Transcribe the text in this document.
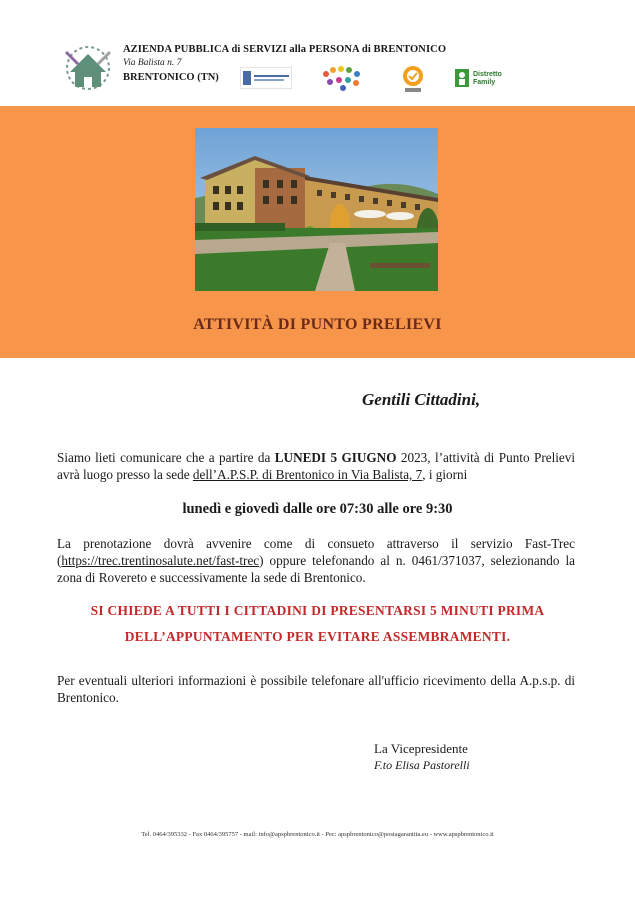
AZIENDA PUBBLICA di SERVIZI alla PERSONA di BRENTONICO
Via Balista n. 7
BRENTONICO (TN)	Distretto Family
ATTIVITÀ DI PUNTO PRELIEVI
Gentili Cittadini,
Siamo lieti comunicare che a partire da LUNEDI 5 GIUGNO 2023, l’attività di Punto Prelievi avrà luogo presso la sede dell’A.P.S.P. di Brentonico in Via Balista, 7, i giorni
lunedì e giovedì dalle ore 07:30 alle ore 9:30
La prenotazione dovrà avvenire come di consueto attraverso il servizio Fast-Trec (https://trec.trentinosalute.net/fast-trec) oppure telefonando al n. 0461/371037, selezionando la zona di Rovereto e successivamente la sede di Brentonico.
SI CHIEDE A TUTTI I CITTADINI DI PRESENTARSI 5 MINUTI PRIMA
DELL’APPUNTAMENTO PER EVITARE ASSEMBRAMENTI.
Per eventuali ulteriori informazioni è possibile telefonare all'ufficio ricevimento della A.p.s.p. di Brentonico.
La Vicepresidente
F.to Elisa Pastorelli
Tel. 0464/395332 - Fax 0464/395757 - mail: info@apspbrentonico.it - Pec: apspbrentonico@postagarantita.eu - www.apspbrentonico.it
